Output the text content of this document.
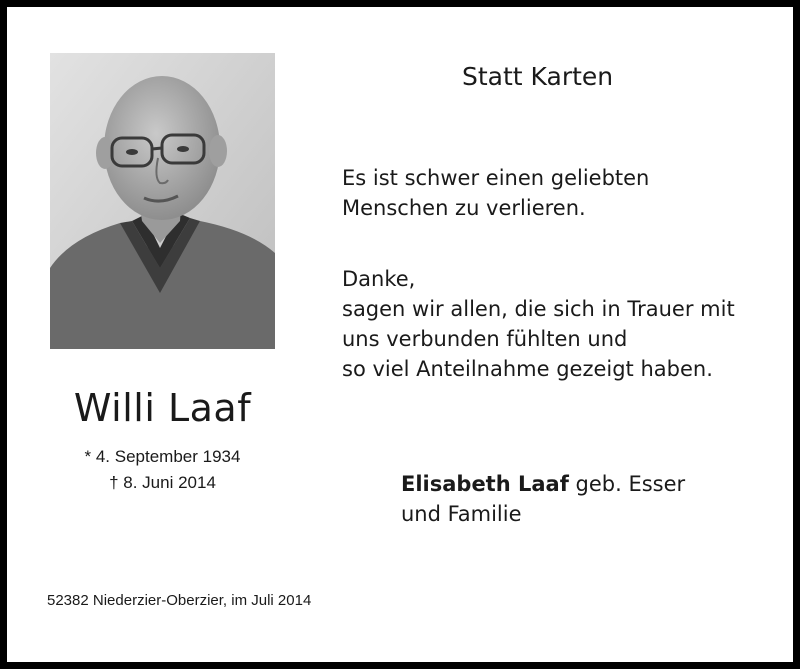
Willi Laaf
* 4. September 1934
† 8. Juni 2014
Statt Karten
Es ist schwer einen geliebten
Menschen zu verlieren.
Danke,
sagen wir allen, die sich in Trauer mit
uns verbunden fühlten und
so viel Anteilnahme gezeigt haben.
Elisabeth Laaf geb. Esser
und Familie
52382 Niederzier-Oberzier, im Juli 2014
